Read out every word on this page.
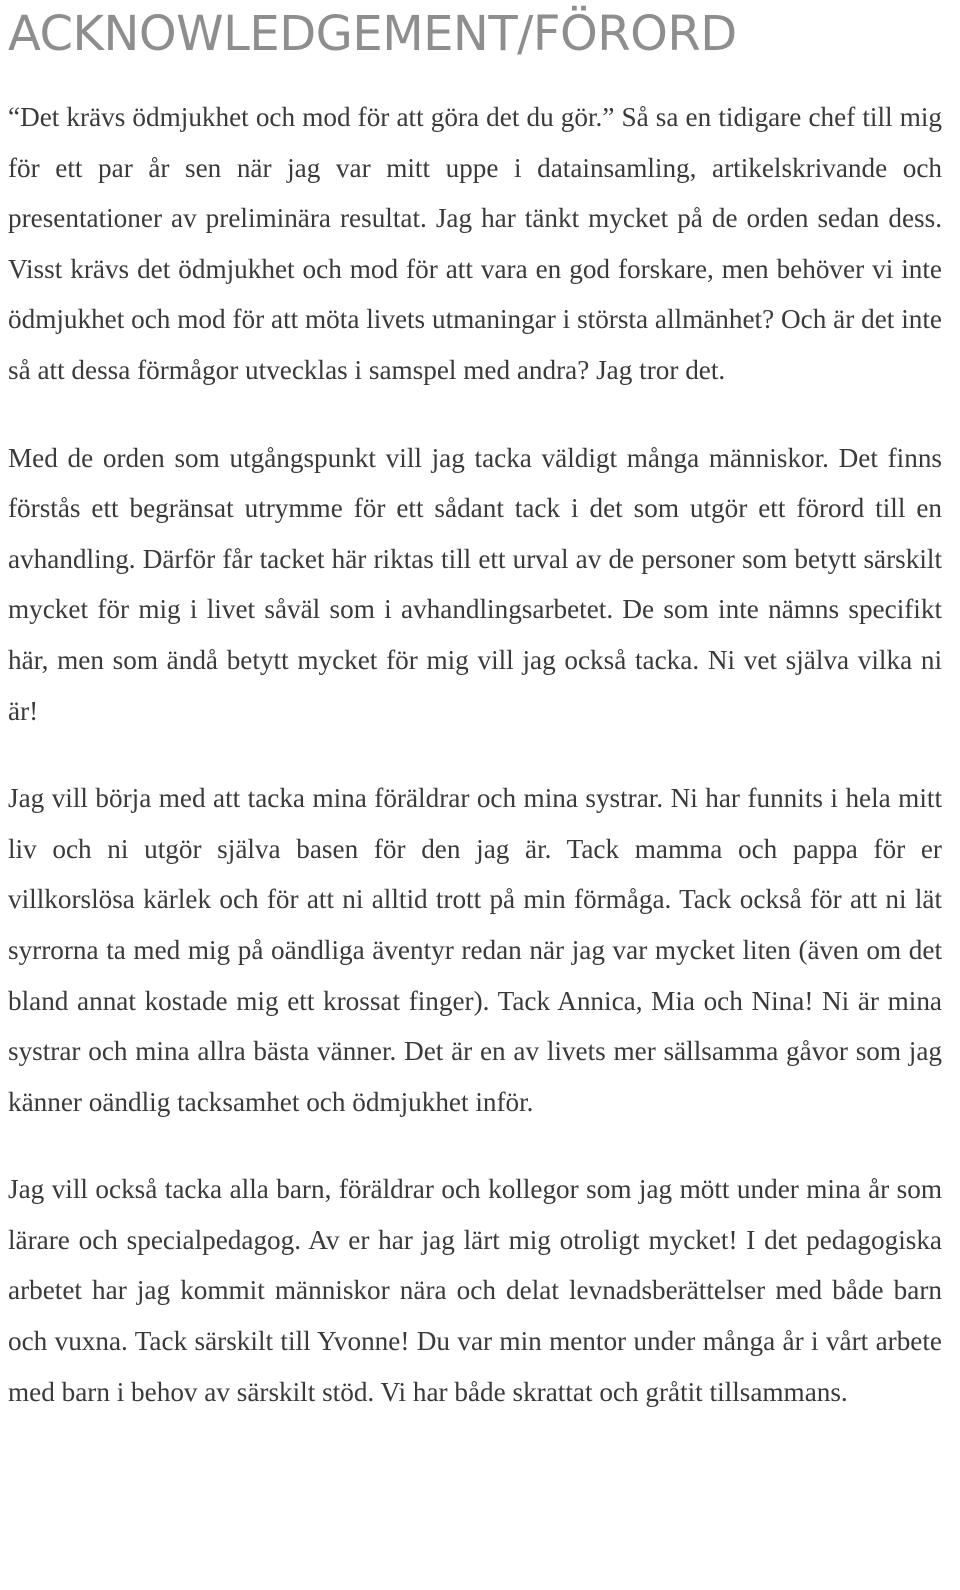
ACKNOWLEDGEMENT/FÖRORD

“Det krävs ödmjukhet och mod för att göra det du gör.” Så sa en tidigare chef till mig för ett par år sen när jag var mitt uppe i datainsamling, artikelskrivande och presentationer av preliminära resultat. Jag har tänkt mycket på de orden sedan dess. Visst krävs det ödmjukhet och mod för att vara en god forskare, men behöver vi inte ödmjukhet och mod för att möta livets utmaningar i största allmänhet? Och är det inte så att dessa förmågor utvecklas i samspel med andra? Jag tror det.

Med de orden som utgångspunkt vill jag tacka väldigt många människor. Det finns förstås ett begränsat utrymme för ett sådant tack i det som utgör ett förord till en avhandling. Därför får tacket här riktas till ett urval av de personer som betytt särskilt mycket för mig i livet såväl som i avhandlingsarbetet. De som inte nämns specifikt här, men som ändå betytt mycket för mig vill jag också tacka. Ni vet själva vilka ni är!

Jag vill börja med att tacka mina föräldrar och mina systrar. Ni har funnits i hela mitt liv och ni utgör själva basen för den jag är. Tack mamma och pappa för er villkorslösa kärlek och för att ni alltid trott på min förmåga. Tack också för att ni lät syrrorna ta med mig på oändliga äventyr redan när jag var mycket liten (även om det bland annat kostade mig ett krossat finger). Tack Annica, Mia och Nina! Ni är mina systrar och mina allra bästa vänner. Det är en av livets mer sällsamma gåvor som jag känner oändlig tacksamhet och ödmjukhet inför.

Jag vill också tacka alla barn, föräldrar och kollegor som jag mött under mina år som lärare och specialpedagog. Av er har jag lärt mig otroligt mycket! I det pedagogiska arbetet har jag kommit människor nära och delat levnadsberättelser med både barn och vuxna. Tack särskilt till Yvonne! Du var min mentor under många år i vårt arbete med barn i behov av särskilt stöd. Vi har både skrattat och gråtit tillsammans.
